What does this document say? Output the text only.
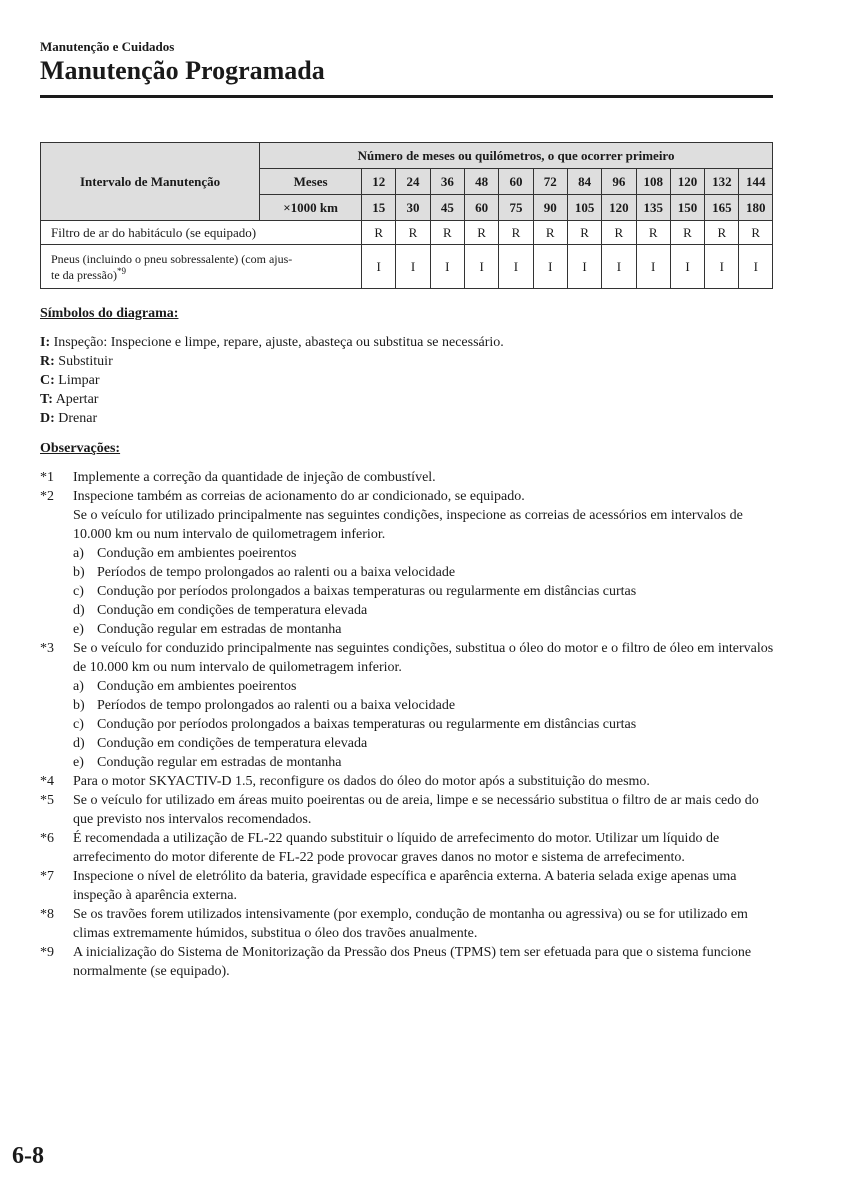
Manutenção e Cuidados
Manutenção Programada
Intervalo de Manutenção	Número de meses ou quilómetros, o que ocorrer primeiro												
	Meses	12	24	36	48	60	72	84	96	108	120	132	144
	×1000 km	15	30	45	60	75	90	105	120	135	150	165	180
Filtro de ar do habitáculo (se equipado)		R	R	R	R	R	R	R	R	R	R	R	R
Pneus (incluindo o pneu sobressalente) (com ajus-
te da pressão)$^{*9}$		I	I	I	I	I	I	I	I	I	I	I	I
Símbolos do diagrama:
I: Inspeção: Inspecione e limpe, repare, ajuste, abasteça ou substitua se necessário.
R: Substituir
C: Limpar
T: Apertar
D: Drenar
Observações:
*1 Implemente a correção da quantidade de injeção de combustível.
*2 Inspecione também as correias de acionamento do ar condicionado, se equipado.
Se o veículo for utilizado principalmente nas seguintes condições, inspecione as correias de acessórios em intervalos de 10.000 km ou num intervalo de quilometragem inferior.
a) Condução em ambientes poeirentos
b) Períodos de tempo prolongados ao ralenti ou a baixa velocidade
c) Condução por períodos prolongados a baixas temperaturas ou regularmente em distâncias curtas
d) Condução em condições de temperatura elevada
e) Condução regular em estradas de montanha
*3 Se o veículo for conduzido principalmente nas seguintes condições, substitua o óleo do motor e o filtro de óleo em intervalos de 10.000 km ou num intervalo de quilometragem inferior.
a) Condução em ambientes poeirentos
b) Períodos de tempo prolongados ao ralenti ou a baixa velocidade
c) Condução por períodos prolongados a baixas temperaturas ou regularmente em distâncias curtas
d) Condução em condições de temperatura elevada
e) Condução regular em estradas de montanha
*4 Para o motor SKYACTIV-D 1.5, reconfigure os dados do óleo do motor após a substituição do mesmo.
*5 Se o veículo for utilizado em áreas muito poeirentas ou de areia, limpe e se necessário substitua o filtro de ar mais cedo do que previsto nos intervalos recomendados.
*6 É recomendada a utilização de FL-22 quando substituir o líquido de arrefecimento do motor. Utilizar um líquido de arrefecimento do motor diferente de FL-22 pode provocar graves danos no motor e sistema de arrefecimento.
*7 Inspecione o nível de eletrólito da bateria, gravidade específica e aparência externa. A bateria selada exige apenas uma inspeção à aparência externa.
*8 Se os travões forem utilizados intensivamente (por exemplo, condução de montanha ou agressiva) ou se for utilizado em climas extremamente húmidos, substitua o óleo dos travões anualmente.
*9 A inicialização do Sistema de Monitorização da Pressão dos Pneus (TPMS) tem ser efetuada para que o sistema funcione normalmente (se equipado).
6-8
